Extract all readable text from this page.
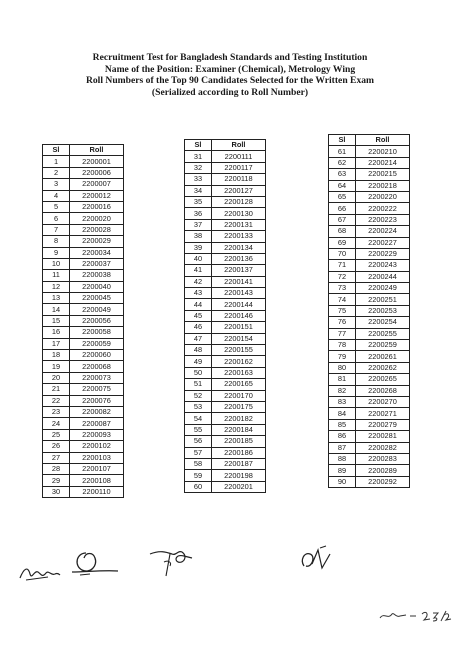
Recruitment Test for Bangladesh Standards and Testing Institution
Name of the Position: Examiner (Chemical), Metrology Wing
Roll Numbers of the Top 90 Candidates Selected for the Written Exam
(Serialized according to Roll Number)
Sl	Roll
1	2200001
2	2200006
3	2200007
4	2200012
5	2200016
6	2200020
7	2200028
8	2200029
9	2200034
10	2200037
11	2200038
12	2200040
13	2200045
14	2200049
15	2200056
16	2200058
17	2200059
18	2200060
19	2200068
20	2200073
21	2200075
22	2200076
23	2200082
24	2200087
25	2200093
26	2200102
27	2200103
28	2200107
29	2200108
30	2200110
Sl	Roll
31	2200111
32	2200117
33	2200118
34	2200127
35	2200128
36	2200130
37	2200131
38	2200133
39	2200134
40	2200136
41	2200137
42	2200141
43	2200143
44	2200144
45	2200146
46	2200151
47	2200154
48	2200155
49	2200162
50	2200163
51	2200165
52	2200170
53	2200175
54	2200182
55	2200184
56	2200185
57	2200186
58	2200187
59	2200198
60	2200201
Sl	Roll
61	2200210
62	2200214
63	2200215
64	2200218
65	2200220
66	2200222
67	2200223
68	2200224
69	2200227
70	2200229
71	2200243
72	2200244
73	2200249
74	2200251
75	2200253
76	2200254
77	2200255
78	2200259
79	2200261
80	2200262
81	2200265
82	2200268
83	2200270
84	2200271
85	2200279
86	2200281
87	2200282
88	2200283
89	2200289
90	2200292
